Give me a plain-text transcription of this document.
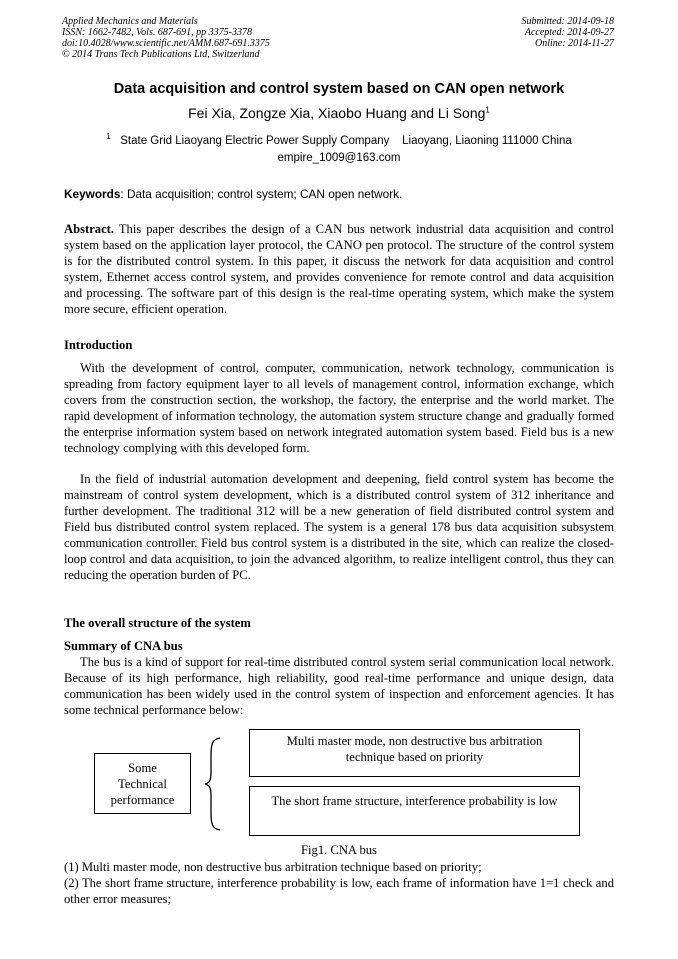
Applied Mechanics and Materials
ISSN: 1662-7482, Vols. 687-691, pp 3375-3378
doi:10.4028/www.scientific.net/AMM.687-691.3375
© 2014 Trans Tech Publications Ltd, Switzerland
Submitted: 2014-09-18
Accepted: 2014-09-27
Online: 2014-11-27
Data acquisition and control system based on CAN open network
Fei Xia, Zongze Xia, Xiaobo Huang and Li Song$^1$
$^1$ State Grid Liaoyang Electric Power Supply Company    Liaoyang, Liaoning 111000 China
empire_1009@163.com
Keywords: Data acquisition; control system; CAN open network.
Abstract. This paper describes the design of a CAN bus network industrial data acquisition and control system based on the application layer protocol, the CANO pen protocol. The structure of the control system is for the distributed control system. In this paper, it discuss the network for data acquisition and control system, Ethernet access control system, and provides convenience for remote control and data acquisition and processing. The software part of this design is the real-time operating system, which make the system more secure, efficient operation.
Introduction
With the development of control, computer, communication, network technology, communication is spreading from factory equipment layer to all levels of management control, information exchange, which covers from the construction section, the workshop, the factory, the enterprise and the world market. The rapid development of information technology, the automation system structure change and gradually formed the enterprise information system based on network integrated automation system based. Field bus is a new technology complying with this developed form.
In the field of industrial automation development and deepening, field control system has become the mainstream of control system development, which is a distributed control system of 312 inheritance and further development. The traditional 312 will be a new generation of field distributed control system and Field bus distributed control system replaced. The system is a general 178 bus data acquisition subsystem communication controller. Field bus control system is a distributed in the site, which can realize the closed-loop control and data acquisition, to join the advanced algorithm, to realize intelligent control, thus they can reducing the operation burden of PC.
The overall structure of the system
Summary of CNA bus
The bus is a kind of support for real-time distributed control system serial communication local network. Because of its high performance, high reliability, good real-time performance and unique design, data communication has been widely used in the control system of inspection and enforcement agencies. It has some technical performance below:
Some Technical performance
Multi master mode, non destructive bus arbitration technique based on priority
The short frame structure, interference probability is low
Fig1. CNA bus
(1) Multi master mode, non destructive bus arbitration technique based on priority;
(2) The short frame structure, interference probability is low, each frame of information have 1=1 check and other error measures;
